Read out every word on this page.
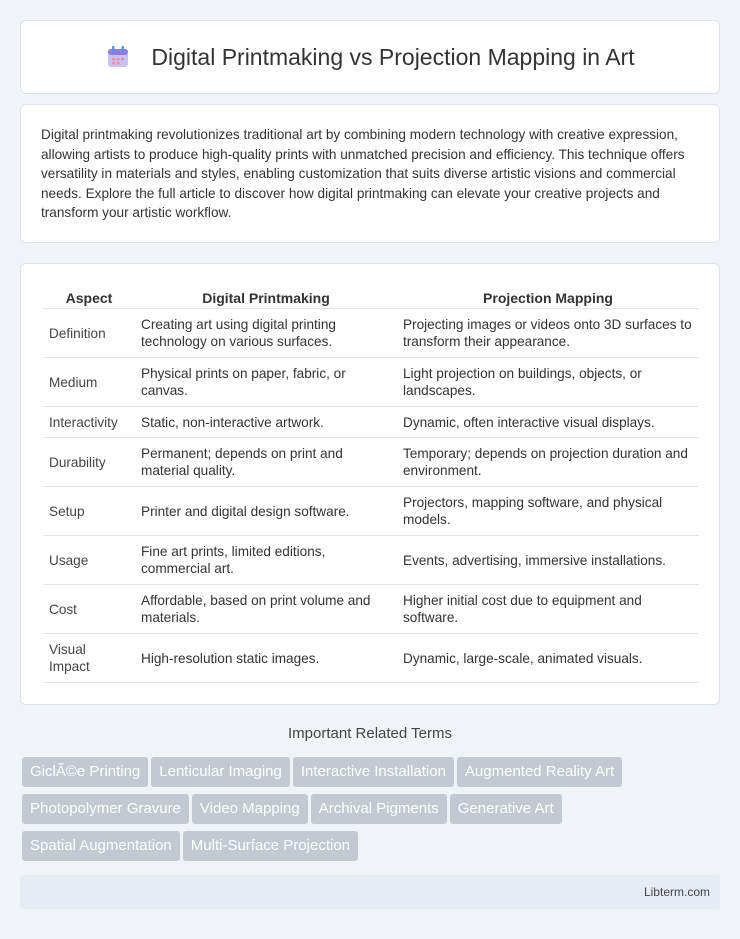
Digital Printmaking vs Projection Mapping in Art

Digital printmaking revolutionizes traditional art by combining modern technology with creative expression, allowing artists to produce high-quality prints with unmatched precision and efficiency. This technique offers versatility in materials and styles, enabling customization that suits diverse artistic visions and commercial needs. Explore the full article to discover how digital printmaking can elevate your creative projects and transform your artistic workflow.

Aspect	Digital Printmaking	Projection Mapping
Definition	Creating art using digital printing technology on various surfaces.	Projecting images or videos onto 3D surfaces to transform their appearance.
Medium	Physical prints on paper, fabric, or canvas.	Light projection on buildings, objects, or landscapes.
Interactivity	Static, non-interactive artwork.	Dynamic, often interactive visual displays.
Durability	Permanent; depends on print and material quality.	Temporary; depends on projection duration and environment.
Setup	Printer and digital design software.	Projectors, mapping software, and physical models.
Usage	Fine art prints, limited editions, commercial art.	Events, advertising, immersive installations.
Cost	Affordable, based on print volume and materials.	Higher initial cost due to equipment and software.
Visual Impact	High-resolution static images.	Dynamic, large-scale, animated visuals.
Important Related Terms
GiclÃ©e Printing Lenticular Imaging Interactive Installation Augmented Reality Art
Photopolymer Gravure Video Mapping Archival Pigments Generative Art
Spatial Augmentation Multi-Surface Projection
Libterm.com
